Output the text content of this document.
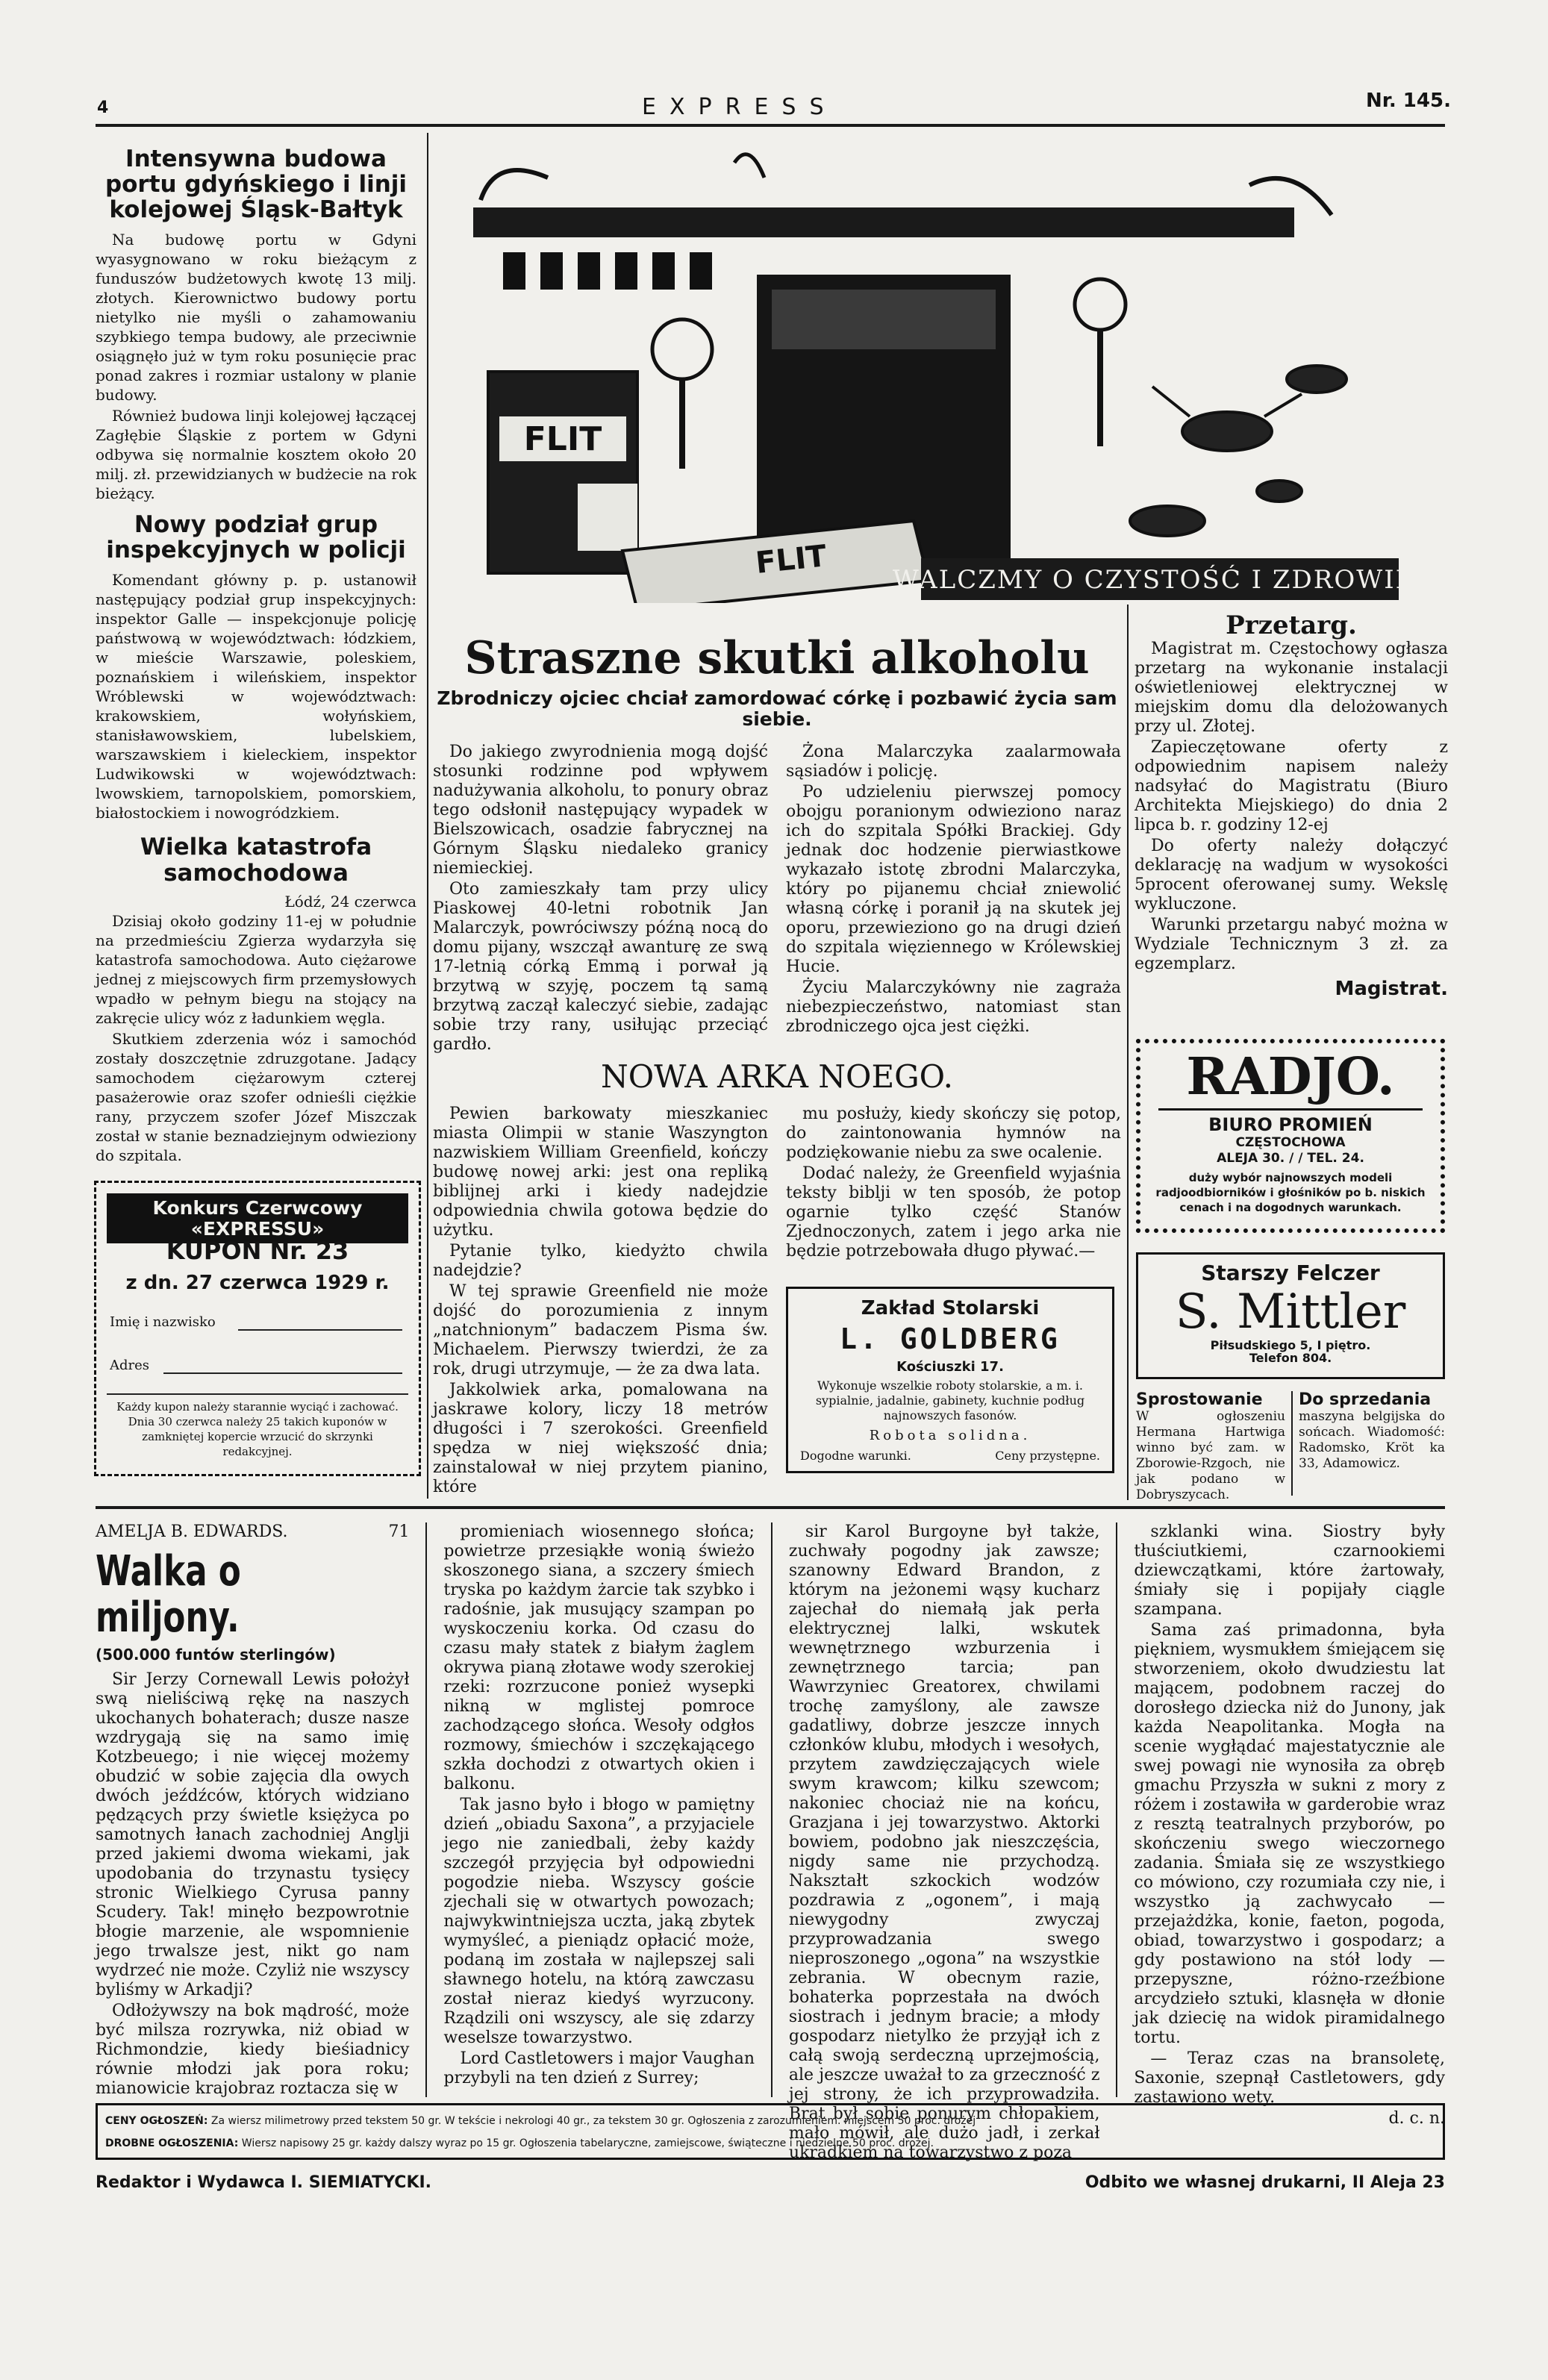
4	EXPRESS	Nr. 145.
Intensywna budowa portu gdyńskiego i linji kolejowej Śląsk-Bałtyk

Na budowę portu w Gdyni wyasygnowano w roku bieżącym z funduszów budżetowych kwotę 13 milj. złotych. Kierownictwo budowy portu nietylko nie myśli o zahamowaniu szybkiego tempa budowy, ale przeciwnie osiągnęło już w tym roku posunięcie prac ponad zakres i rozmiar ustalony w planie budowy.

Również budowa linji kolejowej łączącej Zagłębie Śląskie z portem w Gdyni odbywa się normalnie kosztem około 20 milj. zł. przewidzianych w budżecie na rok bieżący.

Nowy podział grup inspekcyjnych w policji

Komendant główny p. p. ustanowił następujący podział grup inspekcyjnych: inspektor Galle — inspekcjonuje policję państwową w województwach: łódzkiem, w mieście Warszawie, poleskiem, poznańskiem i wileńskiem, inspektor Wróblewski w województwach: krakowskiem, wołyńskiem, stanisławowskiem, lubelskiem, warszawskiem i kieleckiem, inspektor Ludwikowski w województwach: lwowskiem, tarnopolskiem, pomorskiem, białostockiem i nowogródzkiem.

Wielka katastrofa samochodowa
Łódź, 24 czerwca

Dzisiaj około godziny 11-ej w południe na przedmieściu Zgierza wydarzyła się katastrofa samochodowa. Auto ciężarowe jednej z miejscowych firm przemysłowych wpadło w pełnym biegu na stojący na zakręcie ulicy wóz z ładunkiem węgla.

Skutkiem zderzenia wóz i samochód zostały doszczętnie zdruzgotane. Jadący samochodem ciężarowym czterej pasażerowie oraz szofer odnieśli ciężkie rany, przyczem szofer Józef Miszczak został w stanie beznadziejnym odwieziony do szpitala.

Konkurs Czerwcowy «EXPRESSU»
KUPON Nr. 23
z dn. 27 czerwca 1929 r.
Imię i nazwisko
Adres
Każdy kupon należy starannie wyciąć i zachować. Dnia 30 czerwca należy 25 takich kuponów w zamkniętej kopercie wrzucić do skrzynki redakcyjnej.
FLIT
FLIT	WALCZMY O CZYSTOŚĆ I ZDROWIE!
Straszne skutki alkoholu
Zbrodniczy ojciec chciał zamordować córkę i pozbawić życia sam siebie.

Do jakiego zwyrodnienia mogą dojść stosunki rodzinne pod wpływem nadużywania alkoholu, to ponury obraz tego odsłonił następujący wypadek w Bielszowicach, osadzie fabrycznej na Górnym Śląsku niedaleko granicy niemieckiej.

Oto zamieszkały tam przy ulicy Piaskowej 40-letni robotnik Jan Malarczyk, powróciwszy późną nocą do domu pijany, wszczął awanturę ze swą 17-letnią córką Emmą i porwał ją brzytwą w szyję, poczem tą samą brzytwą zaczął kaleczyć siebie, zadając sobie trzy rany, usiłując przeciąć gardło.

Żona Malarczyka zaalarmowała sąsiadów i policję.

Po udzieleniu pierwszej pomocy obojgu poranionym odwieziono naraz ich do szpitala Spółki Brackiej. Gdy jednak doc hodzenie pierwiastkowe wykazało istotę zbrodni Malarczyka, który po pijanemu chciał zniewolić własną córkę i poranił ją na skutek jej oporu, przewieziono go na drugi dzień do szpitala więziennego w Królewskiej Hucie.

Życiu Malarczykówny nie zagraża niebezpieczeństwo, natomiast stan zbrodniczego ojca jest ciężki.

NOWA ARKA NOEGO.

Pewien barkowaty mieszkaniec miasta Olimpii w stanie Waszyngton nazwiskiem William Greenfield, kończy budowę nowej arki: jest ona repliką biblijnej arki i kiedy nadejdzie odpowiednia chwila gotowa będzie do użytku.

Pytanie tylko, kiedyżto chwila nadejdzie?

W tej sprawie Greenfield nie może dojść do porozumienia z innym „natchnionym” badaczem Pisma św. Michaelem. Pierwszy twierdzi, że za rok, drugi utrzymuje, — że za dwa lata.

Jakkolwiek arka, pomalowana na jaskrawe kolory, liczy 18 metrów długości i 7 szerokości. Greenfield spędza w niej większość dnia; zainstalował w niej przytem pianino, które

mu posłuży, kiedy skończy się potop, do zaintonowania hymnów na podziękowanie niebu za swe ocalenie.

Dodać należy, że Greenfield wyjaśnia teksty biblji w ten sposób, że potop ogarnie tylko część Stanów Zjednoczonych, zatem i jego arka nie będzie potrzebowała długo pływać.—

Zakład Stolarski
L. GOLDBERG
Kościuszki 17.
Wykonuje wszelkie roboty stolarskie, a m. i. sypialnie, jadalnie, gabinety, kuchnie podług najnowszych fasonów.
Robota solidna.
Dogodne warunki.	Ceny przystępne.
Przetarg.

Magistrat m. Częstochowy ogłasza przetarg na wykonanie instalacji oświetleniowej elektrycznej w miejskim domu dla delożowanych przy ul. Złotej.

Zapieczętowane oferty z odpowiednim napisem należy nadsyłać do Magistratu (Biuro Architekta Miejskiego) do dnia 2 lipca b. r. godziny 12-ej

Do oferty należy dołączyć deklarację na wadjum w wysokości 5procent oferowanej sumy. Wekslę wykluczone.

Warunki przetargu nabyć można w Wydziale Technicznym 3 zł. za egzemplarz.

Magistrat.
RADJO.
BIURO PROMIEŃ
CZĘSTOCHOWA
ALEJA 30. / / TEL. 24.
duży wybór najnowszych modeli radjoodbiorników i głośników po b. niskich cenach i na dogodnych warunkach.
Starszy Felczer
S. Mittler
Piłsudskiego 5, I piętro.
Telefon 804.
Sprostowanie
W ogłoszeniu Hermana Hartwiga winno być zam. w Zborowie-Rzgoch, nie jak podano w Dobryszycach.
Do sprzedania
maszyna belgijska do sońcach. Wiadomość: Radomsko, Kröt ka 33, Adamowicz.
AMELJA B. EDWARDS.	71
Walka o miljony.
(500.000 funtów sterlingów)

Sir Jerzy Cornewall Lewis położył swą nieliściwą rękę na naszych ukochanych bohaterach; dusze nasze wzdrygają się na samo imię Kotzbeuego; i nie więcej możemy obudzić w sobie zajęcia dla owych dwóch jeźdźców, których widziano pędzących przy świetle księżyca po samotnych łanach zachodniej Anglji przed jakiemi dwoma wiekami, jak upodobania do trzynastu tysięcy stronic Wielkiego Cyrusa panny Scudery. Tak! minęło bezpowrotnie błogie marzenie, ale wspomnienie jego trwalsze jest, nikt go nam wydrzeć nie może. Czyliż nie wszyscy byliśmy w Arkadji?

Odłożywszy na bok mądrość, może być milsza rozrywka, niż obiad w Richmondzie, kiedy bieśiadnicy równie młodzi jak pora roku; mianowicie krajobraz roztacza się w

promieniach wiosennego słońca; powietrze przesiąkłe wonią świeżo skoszonego siana, a szczery śmiech tryska po każdym żarcie tak szybko i radośnie, jak musujący szampan po wyskoczeniu korka. Od czasu do czasu mały statek z białym żaglem okrywa pianą złotawe wody szerokiej rzeki: rozrzucone ponież wysepki nikną w mglistej pomroce zachodzącego słońca. Wesoły odgłos rozmowy, śmiechów i szczękającego szkła dochodzi z otwartych okien i balkonu.

Tak jasno było i błogo w pamiętny dzień „obiadu Saxona”, a przyjaciele jego nie zaniedbali, żeby każdy szczegół przyjęcia był odpowiedni pogodzie nieba. Wszyscy goście zjechali się w otwartych powozach; najwykwintniejsza uczta, jaką zbytek wymyśleć, a pieniądz opłacić może, podaną im została w najlepszej sali sławnego hotelu, na którą zawczasu został nieraz kiedyś wyrzucony. Rządzili oni wszyscy, ale się zdarzy weselsze towarzystwo.

Lord Castletowers i major Vaughan przybyli na ten dzień z Surrey;

sir Karol Burgoyne był także, zuchwały pogodny jak zawsze; szanowny Edward Brandon, z którym na jeżonemi wąsy kucharz zajechał do niemałą jak perła elektrycznej lalki, wskutek wewnętrznego wzburzenia i zewnętrznego tarcia; pan Wawrzyniec Greatorex, chwilami trochę zamyślony, ale zawsze gadatliwy, dobrze jeszcze innych członków klubu, młodych i wesołych, przytem zawdzięczających wiele swym krawcom; kilku szewcom; nakoniec chociaż nie na końcu, Grazjana i jej towarzystwo. Aktorki bowiem, podobno jak nieszczęścia, nigdy same nie przychodzą. Nakształt szkockich wodzów pozdrawia z „ogonem”, i mają niewygodny zwyczaj przyprowadzania swego nieproszonego „ogona” na wszystkie zebrania. W obecnym razie, bohaterka poprzestała na dwóch siostrach i jednym bracie; a młody gospodarz nietylko że przyjął ich z całą swoją serdeczną uprzejmością, ale jeszcze uważał to za grzeczność z jej strony, że ich przyprowadziła. Brat był sobie ponurym chłopakiem, mało mówił, ale dużo jadł, i zerkał ukradkiem na towarzystwo z poza

szklanki wina. Siostry były tłuściutkiemi, czarnookiemi dziewczątkami, które żartowały, śmiały się i popijały ciągle szampana.

Sama zaś primadonna, była piękniem, wysmukłem śmiejącem się stworzeniem, około dwudziestu lat mającem, podobnem raczej do dorosłego dziecka niż do Junony, jak każda Neapolitanka. Mogła na scenie wygłądać majestatycznie ale swej powagi nie wynosiła za obręb gmachu Przyszła w sukni z mory z różem i zostawiła w garderobie wraz z resztą teatralnych przyborów, po skończeniu swego wieczornego zadania. Śmiała się ze wszystkiego co mówiono, czy rozumiała czy nie, i wszystko ją zachwycało — przejażdżka, konie, faeton, pogoda, obiad, towarzystwo i gospodarz; a gdy postawiono na stół lody — przepyszne, różno-rzeźbione arcydzieło sztuki, klasnęła w dłonie jak dziecię na widok piramidalnego tortu.

— Teraz czas na bransoletę, Saxonie, szepnął Castletowers, gdy zastawiono wety.

d. c. n.

CENY OGŁOSZEŃ: Za wiersz milimetrowy przed tekstem 50 gr. W tekście i nekrologi 40 gr., za tekstem 30 gr. Ogłoszenia z zarozumieniem. miejscem 50 proc. drożej
DROBNE OGŁOSZENIA: Wiersz napisowy 25 gr. każdy dalszy wyraz po 15 gr. Ogłoszenia tabelaryczne, zamiejscowe, świąteczne i niedzielne 50 proc. drożej.
Redaktor i Wydawca I. SIEMIATYCKI.	Odbito we własnej drukarni, II Aleja 23
